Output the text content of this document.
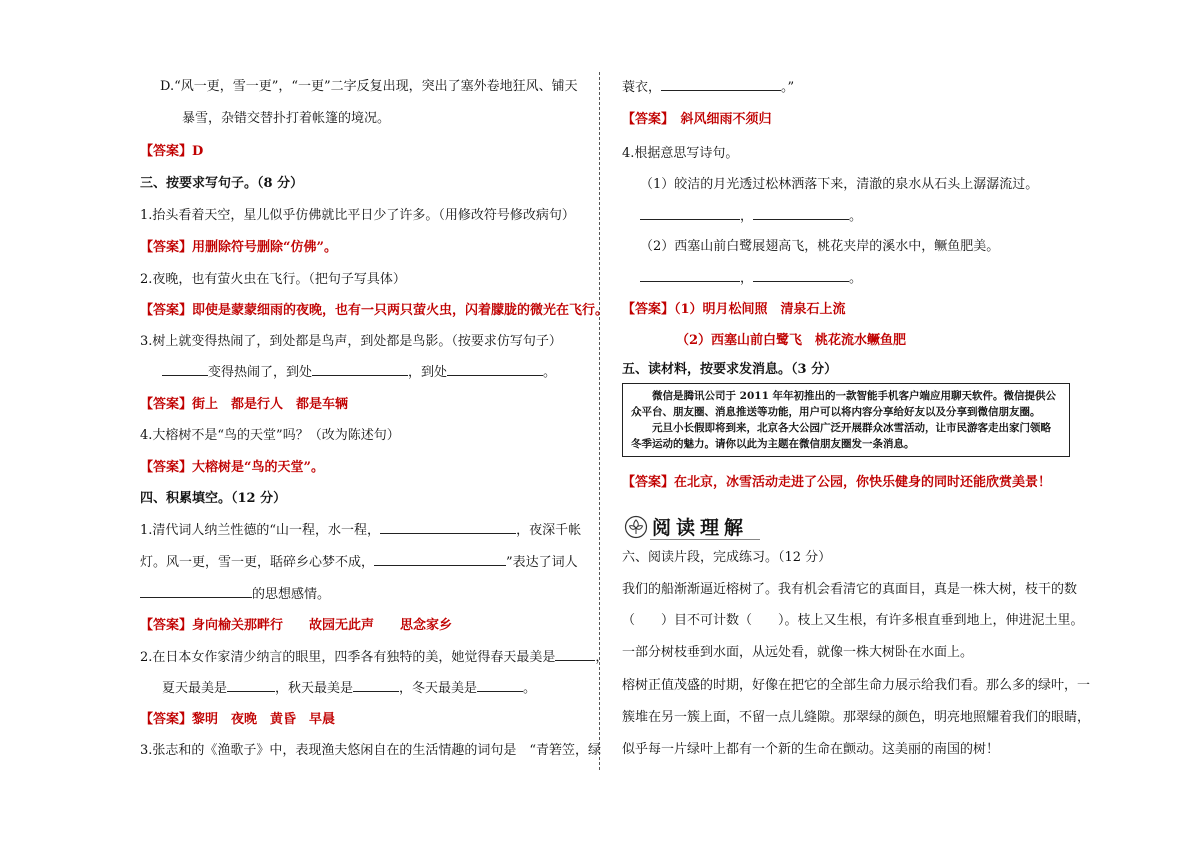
D.“风一更，雪一更”，“一更”二字反复出现，突出了塞外卷地狂风、铺天
暴雪，杂错交替扑打着帐篷的境况。
【答案】D
三、按要求写句子。（8 分）
1.抬头看着天空，星儿似乎仿佛就比平日少了许多。（用修改符号修改病句）
【答案】用删除符号删除“仿佛”。
2.夜晚，也有萤火虫在飞行。（把句子写具体）
【答案】即使是蒙蒙细雨的夜晚，也有一只两只萤火虫，闪着朦胧的微光在飞行。
3.树上就变得热闹了，到处都是鸟声，到处都是鸟影。（按要求仿写句子）
变得热闹了，到处	，到处	。
【答案】街上　都是行人　都是车辆
4.大榕树不是“鸟的天堂”吗？（改为陈述句）
【答案】大榕树是“鸟的天堂”。
四、积累填空。（12 分）
1.清代词人纳兰性德的“山一程，水一程，	，夜深千帐
灯。风一更，雪一更，聒碎乡心梦不成，	”表达了词人
的思想感情。
【答案】身向榆关那畔行　　故园无此声　　思念家乡
2.在日本女作家清少纳言的眼里，四季各有独特的美，她觉得春天最美是	，
夏天最美是	，秋天最美是	，冬天最美是	。
【答案】黎明　夜晚　黄昏　早晨
3.张志和的《渔歌子》中，表现渔夫悠闲自在的生活情趣的词句是　“青箬笠，绿
蓑衣，	。”
【答案】　斜风细雨不须归
4.根据意思写诗句。
（1）皎洁的月光透过松林洒落下来，清澈的泉水从石头上潺潺流过。
，	。
（2）西塞山前白鹭展翅高飞，桃花夹岸的溪水中，鳜鱼肥美。
，	。
【答案】（1）明月松间照　清泉石上流
（2）西塞山前白鹭飞　桃花流水鳜鱼肥
五、读材料，按要求发消息。（3 分）

微信是腾讯公司于 2011 年年初推出的一款智能手机客户端应用聊天软件。微信提供公众平台、朋友圈、消息推送等功能，用户可以将内容分享给好友以及分享到微信朋友圈。

元旦小长假即将到来，北京各大公园广泛开展群众冰雪活动，让市民游客走出家门领略冬季运动的魅力。请你以此为主题在微信朋友圈发一条消息。

【答案】在北京，冰雪活动走进了公园，你快乐健身的同时还能欣赏美景！
阅读理解
六、阅读片段，完成练习。（12 分）
我们的船渐渐逼近榕树了。我有机会看清它的真面目，真是一株大树，枝干的数
（　　）目不可计数（　　）。枝上又生根，有许多根直垂到地上，伸进泥土里。
一部分树枝垂到水面，从远处看，就像一株大树卧在水面上。
榕树正值茂盛的时期，好像在把它的全部生命力展示给我们看。那么多的绿叶，一
簇堆在另一簇上面，不留一点儿缝隙。那翠绿的颜色，明亮地照耀着我们的眼睛，
似乎每一片绿叶上都有一个新的生命在颤动。这美丽的南国的树！
